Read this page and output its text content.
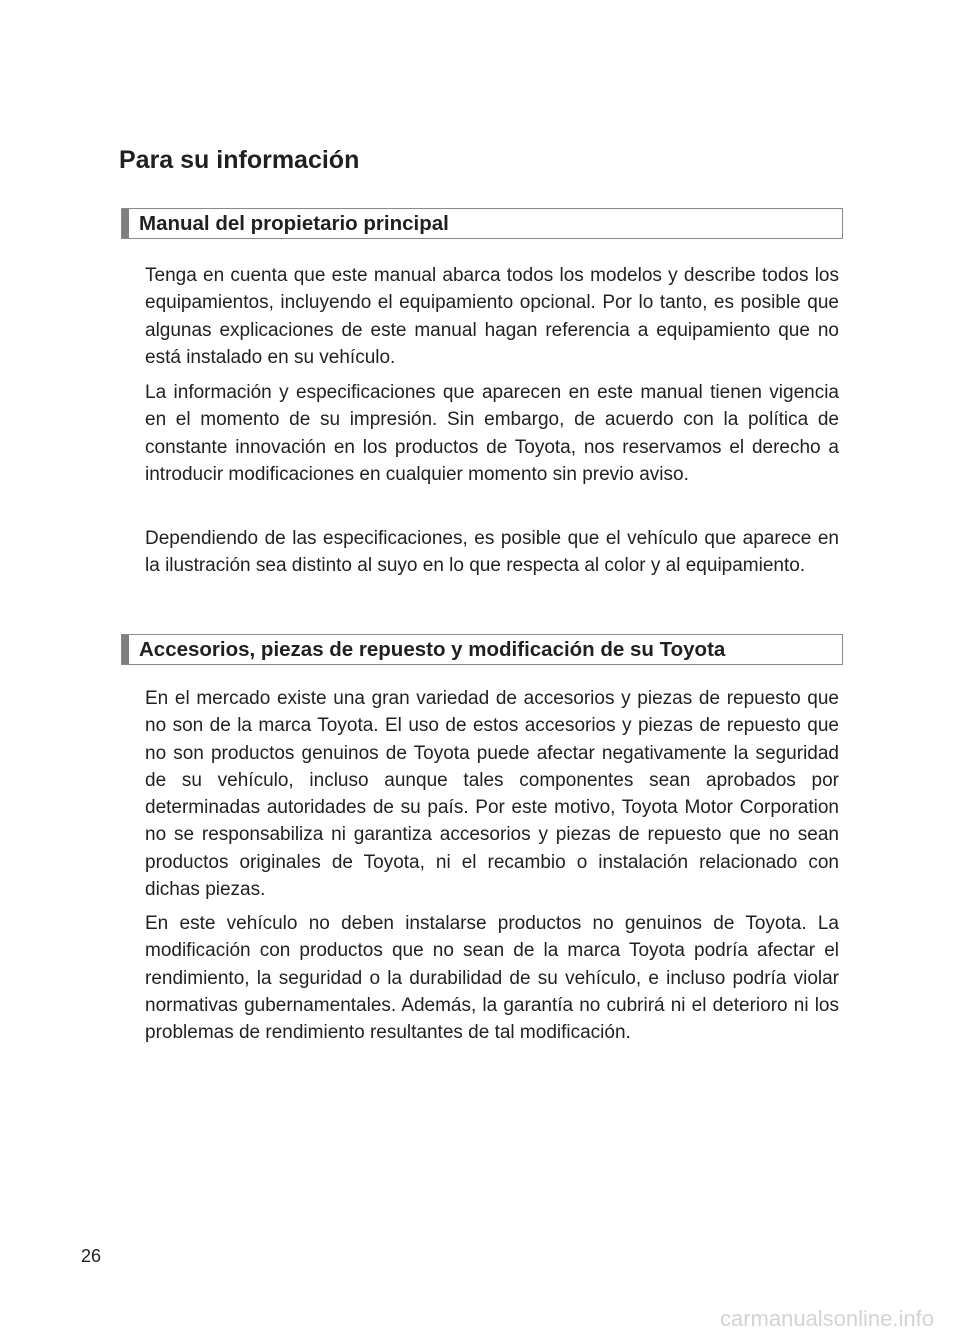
Para su información
Manual del propietario principal

Tenga en cuenta que este manual abarca todos los modelos y describe todos los equipamientos, incluyendo el equipamiento opcional. Por lo tanto, es posible que algunas explicaciones de este manual hagan referencia a equipamiento que no está instalado en su vehículo.

La información y especificaciones que aparecen en este manual tienen vigencia en el momento de su impresión. Sin embargo, de acuerdo con la política de constante innovación en los productos de Toyota, nos reservamos el derecho a introducir modificaciones en cualquier momento sin previo aviso.

Dependiendo de las especificaciones, es posible que el vehículo que aparece en la ilustración sea distinto al suyo en lo que respecta al color y al equipamiento.

Accesorios, piezas de repuesto y modificación de su Toyota

En el mercado existe una gran variedad de accesorios y piezas de repuesto que no son de la marca Toyota. El uso de estos accesorios y piezas de repuesto que no son productos genuinos de Toyota puede afectar negativamente la seguridad de su vehículo, incluso aunque tales componentes sean aprobados por determinadas autoridades de su país. Por este motivo, Toyota Motor Corporation no se responsabiliza ni garantiza accesorios y piezas de repuesto que no sean productos originales de Toyota, ni el recambio o instalación relacionado con dichas piezas.

En este vehículo no deben instalarse productos no genuinos de Toyota. La modificación con productos que no sean de la marca Toyota podría afectar el rendimiento, la seguridad o la durabilidad de su vehículo, e incluso podría violar normativas gubernamentales. Además, la garantía no cubrirá ni el deterioro ni los problemas de rendimiento resultantes de tal modificación.

26
carmanualsonline.info
